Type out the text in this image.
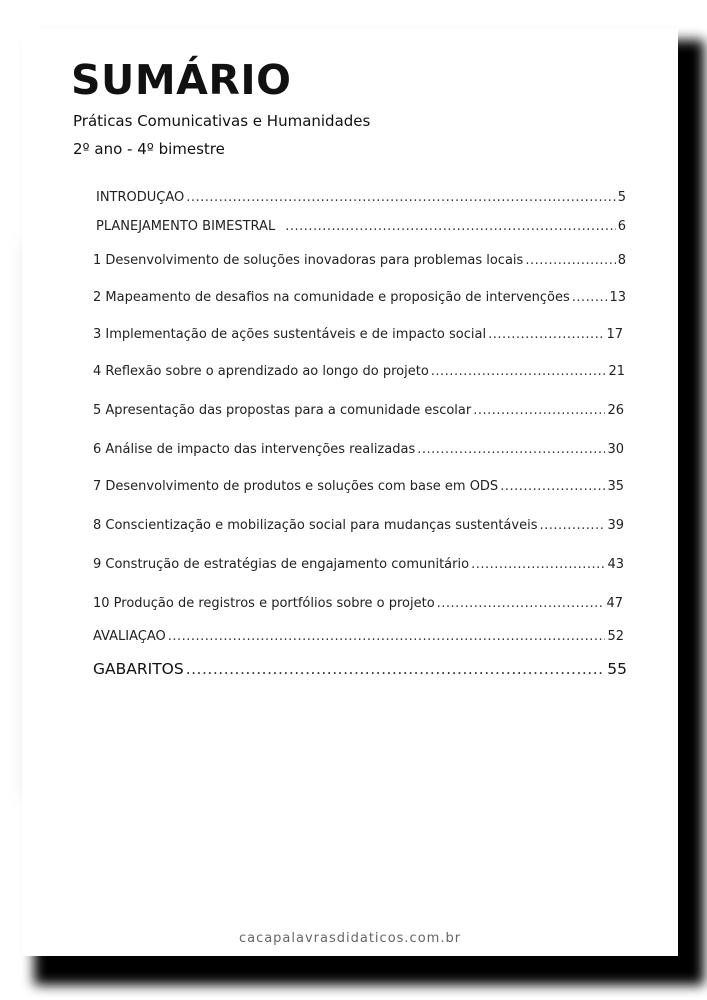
SUMÁRIO
Práticas Comunicativas e Humanidades
2º ano - 4º bimestre
INTRODUÇÃO .....	5
PLANEJAMENTO BIMESTRAL .....	6
1 Desenvolvimento de soluções inovadoras para problemas locais .....	8
2 Mapeamento de desafios na comunidade e proposição de intervenções .....	13
3 Implementação de ações sustentáveis e de impacto social .....	17
4 Reflexão sobre o aprendizado ao longo do projeto .....	21
5 Apresentação das propostas para a comunidade escolar .....	26
6 Análise de impacto das intervenções realizadas .....	30
7 Desenvolvimento de produtos e soluções com base em ODS .....	35
8 Conscientização e mobilização social para mudanças sustentáveis .....	39
9 Construção de estratégias de engajamento comunitário .....	43
10 Produção de registros e portfólios sobre o projeto .....	47
AVALIAÇÃO .....	52
GABARITOS .....	55
cacapalavrasdidaticos.com.br
